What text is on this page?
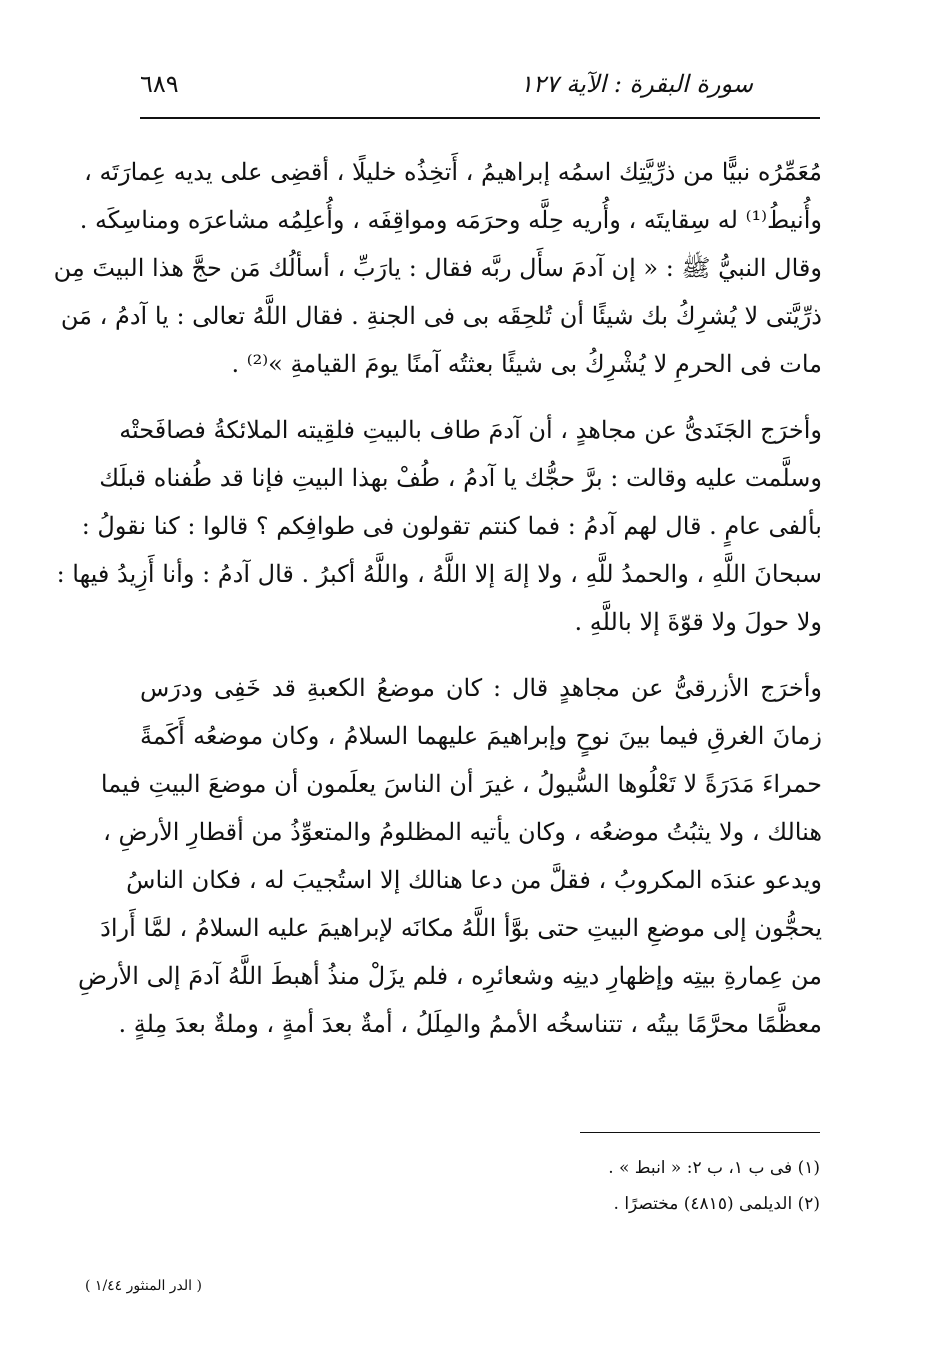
٦٨٩	سورة البقرة : الآية ١٢٧
مُعَمِّرُه نبيًّا من ذرِّيَّتِك اسمُه إبراهيمُ ، أَتخِذُه خليلًا ، أقضِى على يديه عِمارَتَه ،
وأُنيطُ⁽¹⁾ له سِقايتَه ، وأُريه حِلَّه وحرَمَه ومواقِفَه ، وأُعلِمُه مشاعرَه ومناسِكَه .
وقال النبيُّ ﷺ : « إن آدمَ سأَل ربَّه فقال : يارَبِّ ، أسألُك مَن حجَّ هذا البيتَ مِن
ذرِّيَّتى لا يُشرِكُ بك شيئًا أن تُلحِقَه بى فى الجنةِ . فقال اللَّهُ تعالى : يا آدمُ ، مَن
مات فى الحرمِ لا يُشْرِكُ بى شيئًا بعثتُه آمنًا يومَ القيامةِ »⁽²⁾ .
وأخرَج الجَنَدىُّ عن مجاهدٍ ، أن آدمَ طاف بالبيتِ فلقِيته الملائكةُ فصافَحتْه
وسلَّمت عليه وقالت : برَّ حجُّك يا آدمُ ، طُفْ بهذا البيتِ فإنا قد طُفناه قبلَك
بألفى عامٍ . قال لهم آدمُ : فما كنتم تقولون فى طوافِكم ؟ قالوا : كنا نقولُ :
سبحانَ اللَّهِ ، والحمدُ للَّهِ ، ولا إلهَ إلا اللَّهُ ، واللَّهُ أكبرُ . قال آدمُ : وأنا أَزِيدُ فيها :
ولا حولَ ولا قوّةَ إلا باللَّهِ .
وأخرَج الأزرقىُّ عن مجاهدٍ قال : كان موضعُ الكعبةِ قد خَفِى ودرَس
زمانَ الغرقِ فيما بينَ نوحٍ وإبراهيمَ عليهما السلامُ ، وكان موضعُه أَكَمةً
حمراءَ مَدَرَةً لا تَعْلُوها السُّيولُ ، غيرَ أن الناسَ يعلَمون أن موضعَ البيتِ فيما
هنالك ، ولا يثبُتُ موضعُه ، وكان يأتيه المظلومُ والمتعوِّذُ من أقطارِ الأرضِ ،
ويدعو عندَه المكروبُ ، فقلَّ من دعا هنالك إلا استُجيبَ له ، فكان الناسُ
يحجُّون إلى موضعِ البيتِ حتى بوَّأ اللَّهُ مكانَه لإبراهيمَ عليه السلامُ ، لمَّا أَرادَ
من عِمارةِ بيتِه وإظهارِ دينِه وشعائرِه ، فلم يزَلْ منذُ أهبطَ اللَّهُ آدمَ إلى الأرضِ
معظَّمًا محرَّمًا بيتُه ، تتناسخُه الأممُ والمِلَلُ ، أمةٌ بعدَ أمةٍ ، وملةٌ بعدَ مِلةٍ .
(١) فى ب ١، ب ٢: « انبط » .
(٢) الديلمى (٤٨١٥) مختصرًا .
( الدر المنثور ١/٤٤ )
